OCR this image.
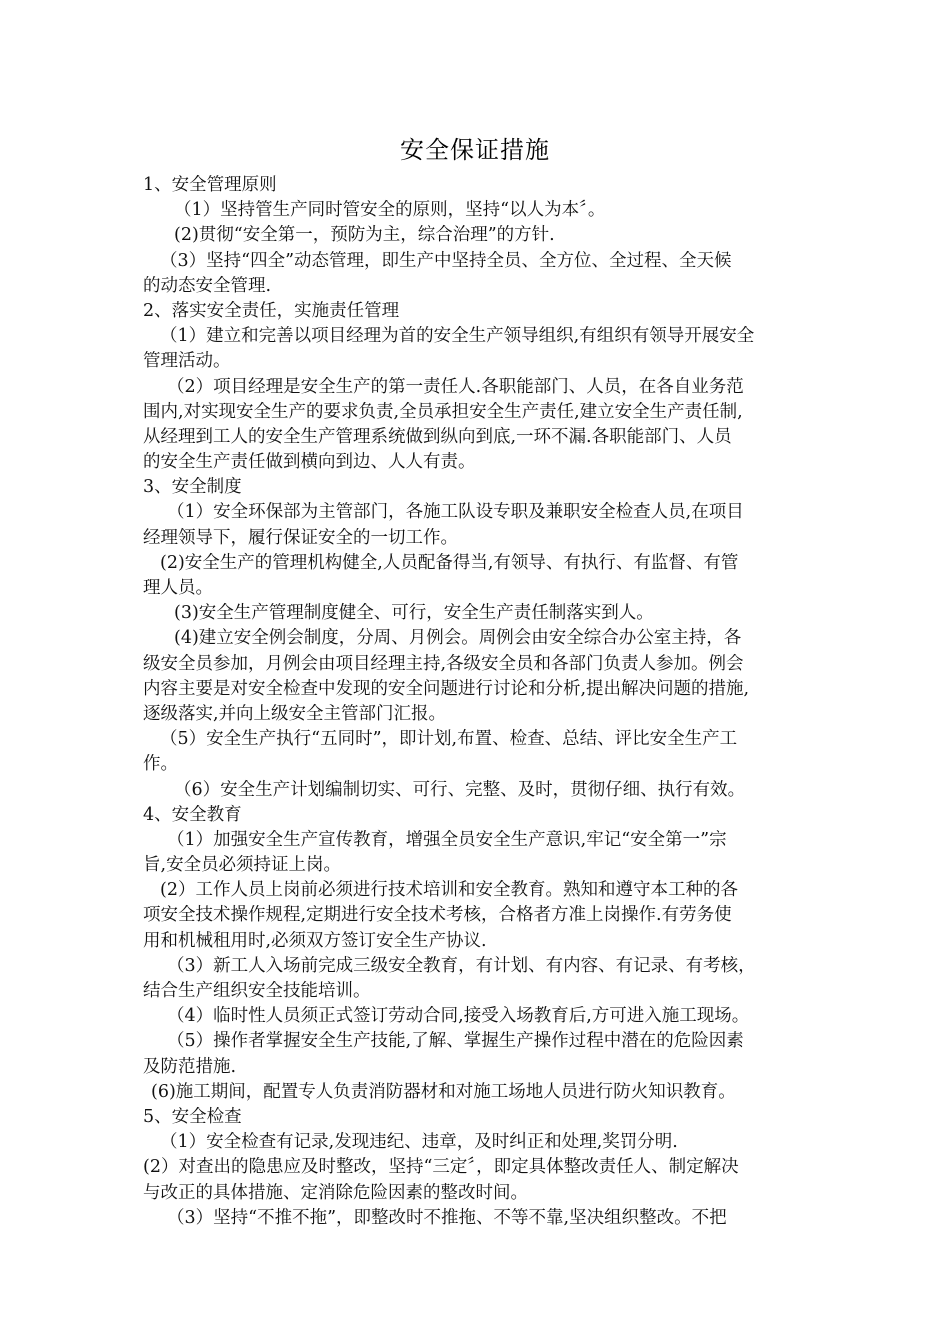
安全保证措施
1、安全管理原则
（1）坚持管生产同时管安全的原则，坚持“以人为本〞。
(2)贯彻“安全第一，预防为主，综合治理”的方针.
（3）坚持“四全”动态管理，即生产中坚持全员、全方位、全过程、全天候
的动态安全管理.
2、落实安全责任，实施责任管理
（1）建立和完善以项目经理为首的安全生产领导组织,有组织有领导开展安全
管理活动。
（2）项目经理是安全生产的第一责任人.各职能部门、人员，在各自业务范
围内,对实现安全生产的要求负责,全员承担安全生产责任,建立安全生产责任制,
从经理到工人的安全生产管理系统做到纵向到底,一环不漏.各职能部门、人员
的安全生产责任做到横向到边、人人有责。
3、安全制度
（1）安全环保部为主管部门，各施工队设专职及兼职安全检查人员,在项目
经理领导下，履行保证安全的一切工作。
(2)安全生产的管理机构健全,人员配备得当,有领导、有执行、有监督、有管
理人员。
(3)安全生产管理制度健全、可行，安全生产责任制落实到人。
(4)建立安全例会制度，分周、月例会。周例会由安全综合办公室主持，各
级安全员参加，月例会由项目经理主持,各级安全员和各部门负责人参加。例会
内容主要是对安全检查中发现的安全问题进行讨论和分析,提出解决问题的措施,
逐级落实,并向上级安全主管部门汇报。
（5）安全生产执行“五同时”，即计划,布置、检查、总结、评比安全生产工
作。
（6）安全生产计划编制切实、可行、完整、及时，贯彻仔细、执行有效。
4、安全教育
（1）加强安全生产宣传教育，增强全员安全生产意识,牢记“安全第一”宗
旨,安全员必须持证上岗。
(2）工作人员上岗前必须进行技术培训和安全教育。熟知和遵守本工种的各
项安全技术操作规程,定期进行安全技术考核，合格者方准上岗操作.有劳务使
用和机械租用时,必须双方签订安全生产协议.
（3）新工人入场前完成三级安全教育，有计划、有内容、有记录、有考核，
结合生产组织安全技能培训。
（4）临时性人员须正式签订劳动合同,接受入场教育后,方可进入施工现场。
（5）操作者掌握安全生产技能,了解、掌握生产操作过程中潜在的危险因素
及防范措施.
(6)施工期间，配置专人负责消防器材和对施工场地人员进行防火知识教育。
5、安全检查
（1）安全检查有记录,发现违纪、违章，及时纠正和处理,奖罚分明.
(2）对查出的隐患应及时整改，坚持“三定〞，即定具体整改责任人、制定解决
与改正的具体措施、定消除危险因素的整改时间。
（3）坚持“不推不拖”，即整改时不推拖、不等不靠,坚决组织整改。不把
